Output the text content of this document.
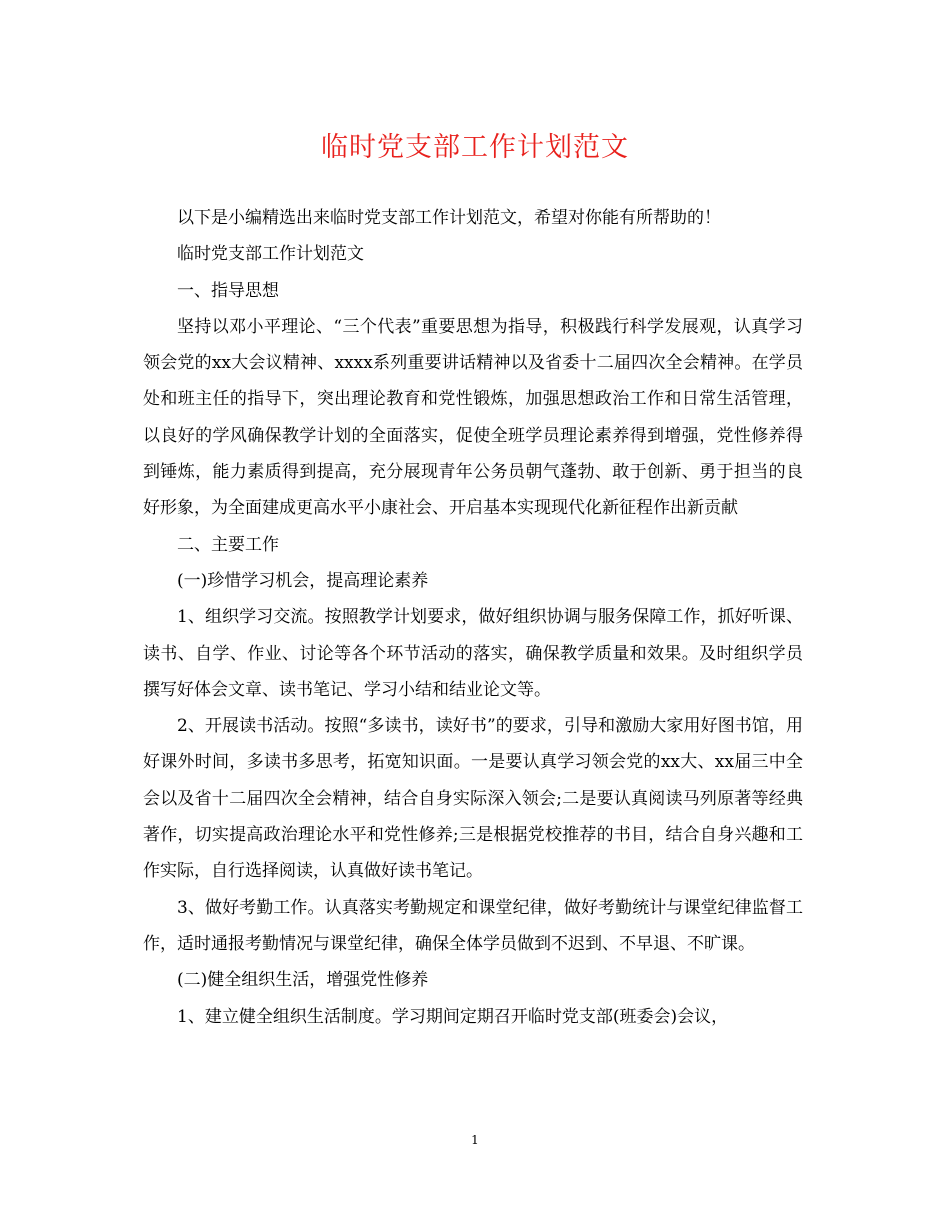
临时党支部工作计划范文

以下是小编精选出来临时党支部工作计划范文，希望对你能有所帮助的！

临时党支部工作计划范文

一、指导思想

坚持以邓小平理论、“三个代表”重要思想为指导，积极践行科学发展观，认真学习领会党的xx大会议精神、xxxx系列重要讲话精神以及省委十二届四次全会精神。在学员处和班主任的指导下，突出理论教育和党性锻炼，加强思想政治工作和日常生活管理，以良好的学风确保教学计划的全面落实，促使全班学员理论素养得到增强，党性修养得到锤炼，能力素质得到提高，充分展现青年公务员朝气蓬勃、敢于创新、勇于担当的良好形象，为全面建成更高水平小康社会、开启基本实现现代化新征程作出新贡献

二、主要工作

(一)珍惜学习机会，提高理论素养

1、组织学习交流。按照教学计划要求，做好组织协调与服务保障工作，抓好听课、读书、自学、作业、讨论等各个环节活动的落实，确保教学质量和效果。及时组织学员撰写好体会文章、读书笔记、学习小结和结业论文等。

2、开展读书活动。按照“多读书，读好书”的要求，引导和激励大家用好图书馆，用好课外时间，多读书多思考，拓宽知识面。一是要认真学习领会党的xx大、xx届三中全会以及省十二届四次全会精神，结合自身实际深入领会;二是要认真阅读马列原著等经典著作，切实提高政治理论水平和党性修养;三是根据党校推荐的书目，结合自身兴趣和工作实际，自行选择阅读，认真做好读书笔记。

3、做好考勤工作。认真落实考勤规定和课堂纪律，做好考勤统计与课堂纪律监督工作，适时通报考勤情况与课堂纪律，确保全体学员做到不迟到、不早退、不旷课。

(二)健全组织生活，增强党性修养

1、建立健全组织生活制度。学习期间定期召开临时党支部(班委会)会议，

1
